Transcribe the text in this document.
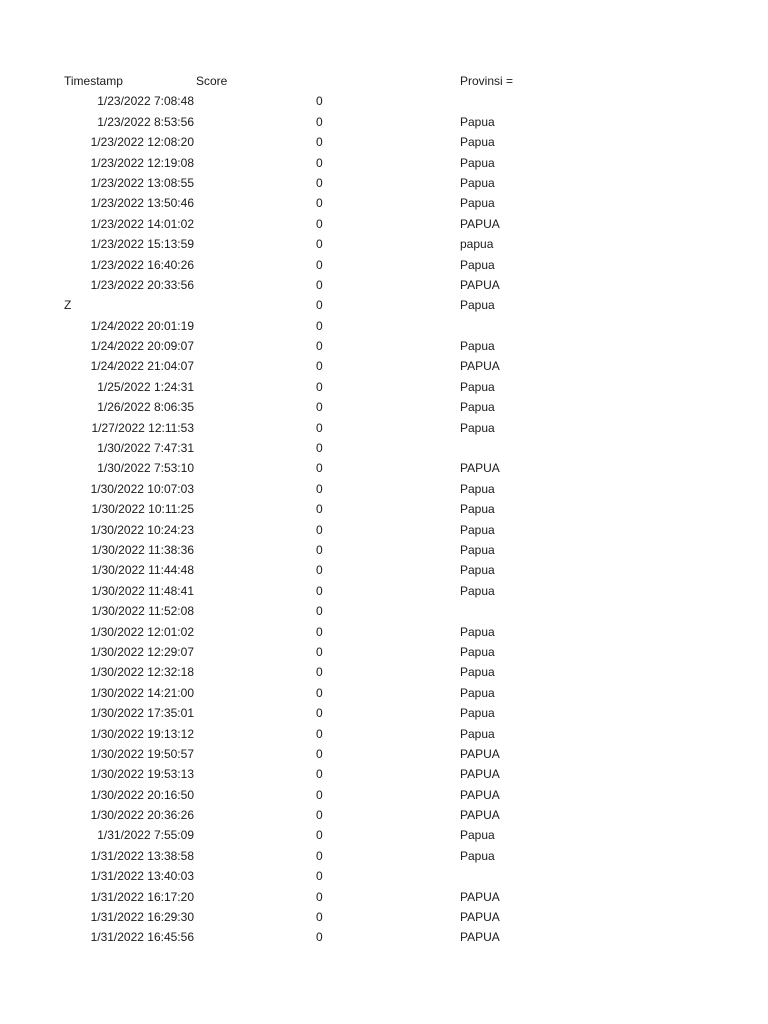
Timestamp	Score	Provinsi =
1/23/2022 7:08:48	0
1/23/2022 8:53:56	0	Papua
1/23/2022 12:08:20	0	Papua
1/23/2022 12:19:08	0	Papua
1/23/2022 13:08:55	0	Papua
1/23/2022 13:50:46	0	Papua
1/23/2022 14:01:02	0	PAPUA
1/23/2022 15:13:59	0	papua
1/23/2022 16:40:26	0	Papua
1/23/2022 20:33:56	0	PAPUA
Z	0	Papua
1/24/2022 20:01:19	0
1/24/2022 20:09:07	0	Papua
1/24/2022 21:04:07	0	PAPUA
1/25/2022 1:24:31	0	Papua
1/26/2022 8:06:35	0	Papua
1/27/2022 12:11:53	0	Papua
1/30/2022 7:47:31	0
1/30/2022 7:53:10	0	PAPUA
1/30/2022 10:07:03	0	Papua
1/30/2022 10:11:25	0	Papua
1/30/2022 10:24:23	0	Papua
1/30/2022 11:38:36	0	Papua
1/30/2022 11:44:48	0	Papua
1/30/2022 11:48:41	0	Papua
1/30/2022 11:52:08	0
1/30/2022 12:01:02	0	Papua
1/30/2022 12:29:07	0	Papua
1/30/2022 12:32:18	0	Papua
1/30/2022 14:21:00	0	Papua
1/30/2022 17:35:01	0	Papua
1/30/2022 19:13:12	0	Papua
1/30/2022 19:50:57	0	PAPUA
1/30/2022 19:53:13	0	PAPUA
1/30/2022 20:16:50	0	PAPUA
1/30/2022 20:36:26	0	PAPUA
1/31/2022 7:55:09	0	Papua
1/31/2022 13:38:58	0	Papua
1/31/2022 13:40:03	0
1/31/2022 16:17:20	0	PAPUA
1/31/2022 16:29:30	0	PAPUA
1/31/2022 16:45:56	0	PAPUA
